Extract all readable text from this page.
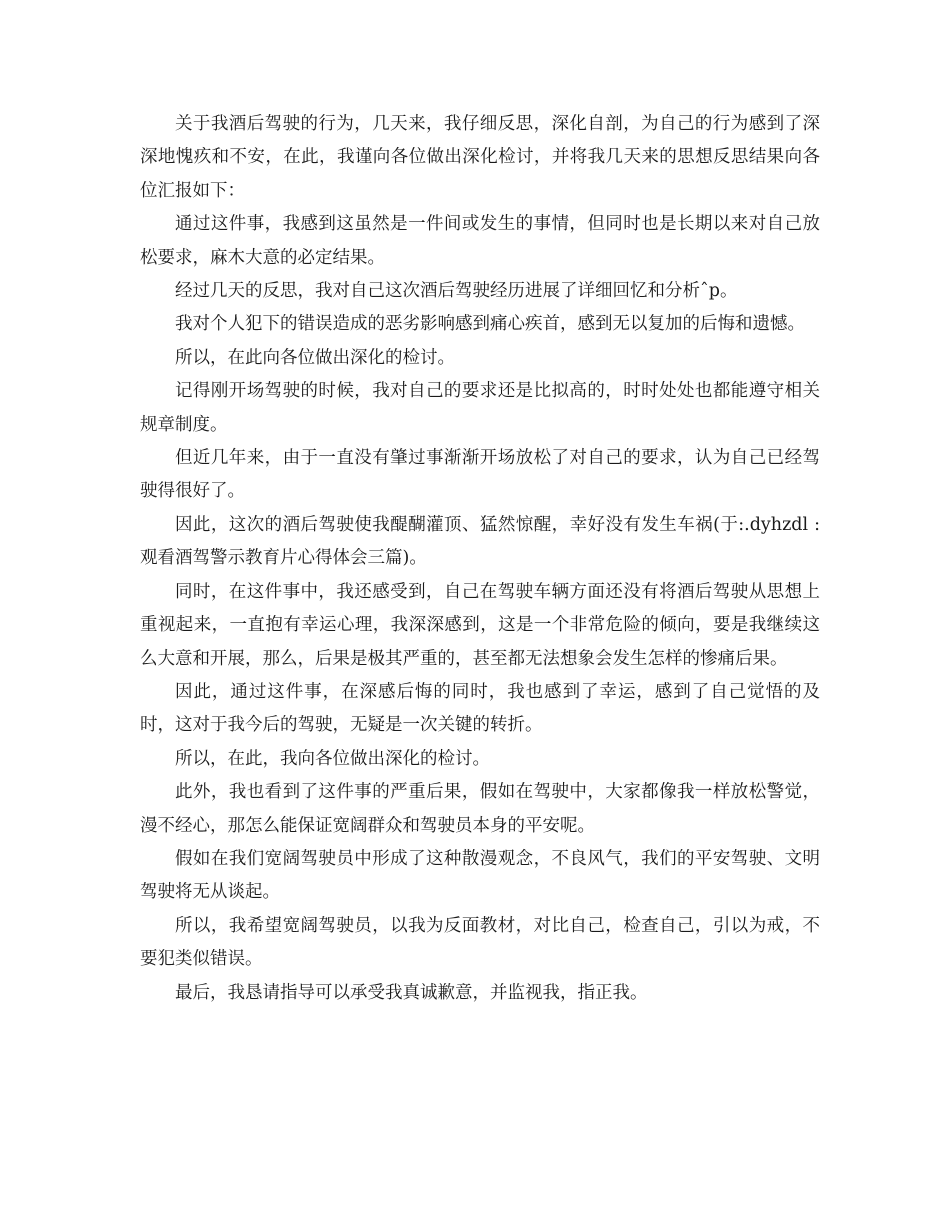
关于我酒后驾驶的行为，几天来，我仔细反思，深化自剖，为自己的行为感到了深深地愧疚和不安，在此，我谨向各位做出深化检讨，并将我几天来的思想反思结果向各位汇报如下：

通过这件事，我感到这虽然是一件间或发生的事情，但同时也是长期以来对自己放松要求，麻木大意的必定结果。

经过几天的反思，我对自己这次酒后驾驶经历进展了详细回忆和分析ˆp。

我对个人犯下的错误造成的恶劣影响感到痛心疾首，感到无以复加的后悔和遗憾。

所以，在此向各位做出深化的检讨。

记得刚开场驾驶的时候，我对自己的要求还是比拟高的，时时处处也都能遵守相关规章制度。

但近几年来，由于一直没有肇过事渐渐开场放松了对自己的要求，认为自己已经驾驶得很好了。

因此，这次的酒后驾驶使我醍醐灌顶、猛然惊醒，幸好没有发生车祸(于:.dyhzdl : 观看酒驾警示教育片心得体会三篇)。

同时，在这件事中，我还感受到，自己在驾驶车辆方面还没有将酒后驾驶从思想上重视起来，一直抱有幸运心理，我深深感到，这是一个非常危险的倾向，要是我继续这么大意和开展，那么，后果是极其严重的，甚至都无法想象会发生怎样的惨痛后果。

因此，通过这件事，在深感后悔的同时，我也感到了幸运，感到了自己觉悟的及时，这对于我今后的驾驶，无疑是一次关键的转折。

所以，在此，我向各位做出深化的检讨。

此外，我也看到了这件事的严重后果，假如在驾驶中，大家都像我一样放松警觉，漫不经心，那怎么能保证宽阔群众和驾驶员本身的平安呢。

假如在我们宽阔驾驶员中形成了这种散漫观念，不良风气，我们的平安驾驶、文明驾驶将无从谈起。

所以，我希望宽阔驾驶员，以我为反面教材，对比自己，检查自己，引以为戒，不要犯类似错误。

最后，我恳请指导可以承受我真诚歉意，并监视我，指正我。
